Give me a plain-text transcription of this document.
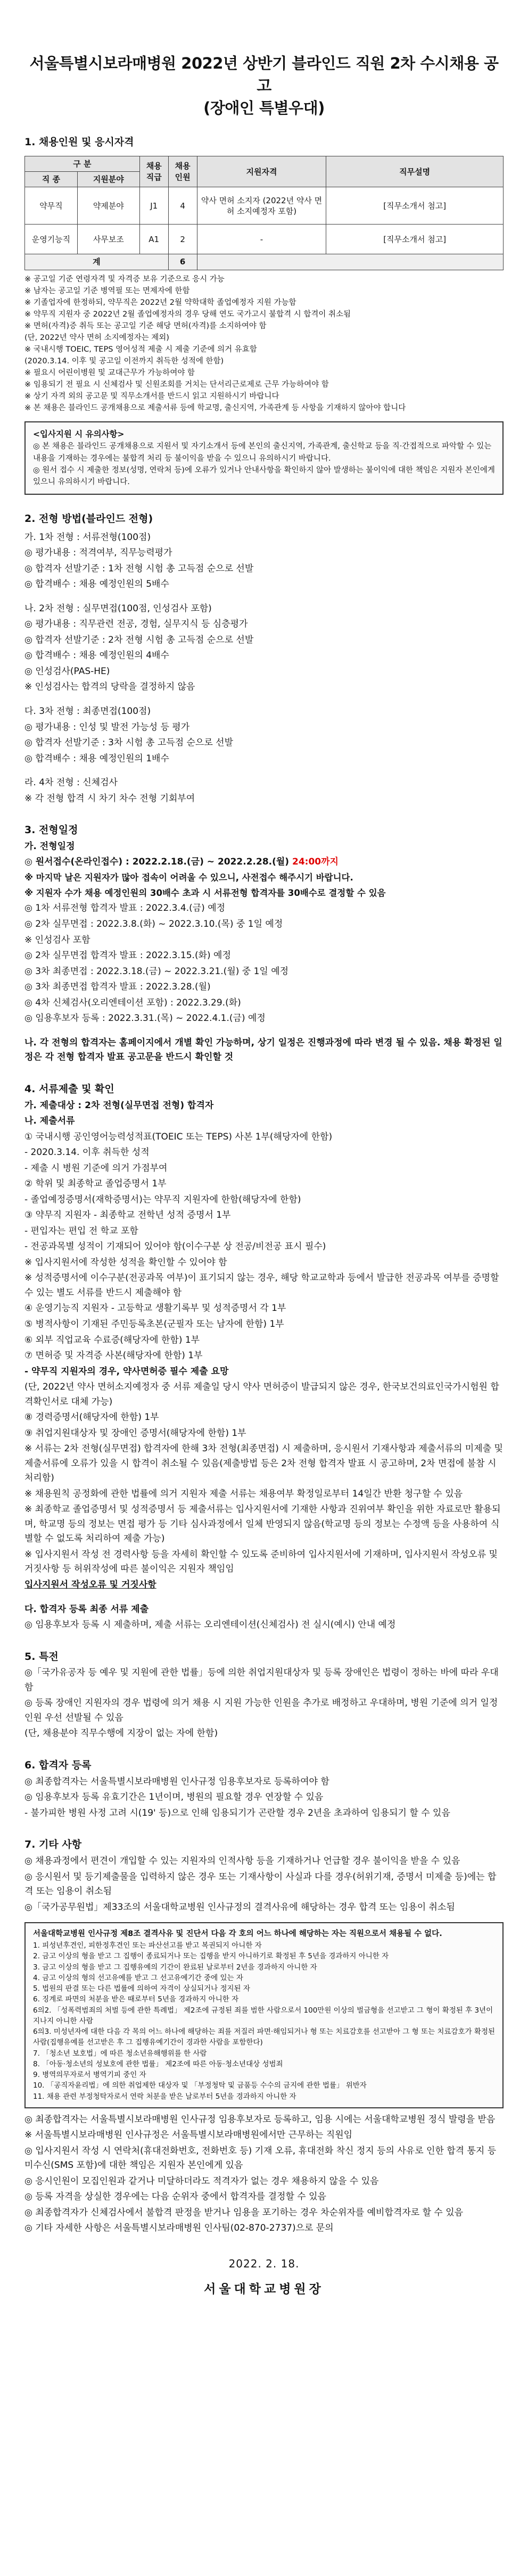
서울특별시보라매병원 2022년 상반기 블라인드 직원 2차 수시채용 공고
(장애인 특별우대)
1. 채용인원 및 응시자격
구 분		채용 직급	채용 인원	지원자격	직무설명
직 종	지원분야				
약무직	약제분야	J1	4	약사 면허 소지자 (2022년 약사 면허 소지예정자 포함)	[직무소개서 첨고]
운영기능직	사무보조	A1	2	-	[직무소개서 첨고]
계			6		
※ 공고일 기준 연령자격 및 자격증 보유 기준으로 응시 가능
※ 남자는 공고일 기준 병역필 또는 면제자에 한함
※ 기졸업자에 한정하되, 약무직은 2022년 2월 약학대학 졸업예정자 지원 가능함
※ 약무직 지원자 중 2022년 2월 졸업예정자의 경우 당해 연도 국가고시 불합격 시 합격이 취소됨
※ 면허(자격)증 취득 또는 공고일 기준 해당 면허(자격)를 소지하여야 함
(단, 2022년 약사 면허 소지예정자는 제외)
※ 국내시행 TOEIC, TEPS 영어성적 제출 시 제출 기준에 의거 유효함
(2020.3.14. 이후 및 공고일 이전까지 취득한 성적에 한함)
※ 필요시 어린이병원 및 교대근무가 가능하여야 함
※ 임용되기 전 필요 시 신체검사 및 신원조회를 거치는 단서리근로제로 근무 가능하여야 함
※ 상기 자격 외의 공고문 및 직무소개서를 반드시 읽고 지원하시기 바랍니다
※ 본 채용은 블라인드 공개채용으로 제출서류 등에 학교명, 출신지역, 가족관계 등 사항을 기재하지 않아야 합니다
<입사지원 시 유의사항>
◎ 본 채용은 블라인드 공개채용으로 지원서 및 자기소개서 등에 본인의 출신지역, 가족관계, 출신학교 등을 직·간접적으로 파악할 수 있는 내용을 기재하는 경우에는 불합격 처리 등 불이익을 받을 수 있으니 유의하시기 바랍니다.
◎ 원서 접수 시 제출한 정보(성명, 연락처 등)에 오류가 있거나 안내사항을 확인하지 않아 발생하는 불이익에 대한 책임은 지원자 본인에게 있으니 유의하시기 바랍니다.
2. 전형 방법(블라인드 전형)
가. 1차 전형 : 서류전형(100점)
◎ 평가내용 : 적격여부, 직무능력평가
◎ 합격자 선발기준 : 1차 전형 시험 총 고득점 순으로 선발
◎ 합격배수 : 채용 예정인원의 5배수
나. 2차 전형 : 실무면접(100점, 인성검사 포함)
◎ 평가내용 : 직무관련 전공, 경험, 실무지식 등 심층평가
◎ 합격자 선발기준 : 2차 전형 시험 총 고득점 순으로 선발
◎ 합격배수 : 채용 예정인원의 4배수
◎ 인성검사(PAS-HE)
※ 인성검사는 합격의 당락을 결정하지 않음
다. 3차 전형 : 최종면접(100점)
◎ 평가내용 : 인성 및 발전 가능성 등 평가
◎ 합격자 선발기준 : 3차 시험 총 고득점 순으로 선발
◎ 합격배수 : 채용 예정인원의 1배수
라. 4차 전형 : 신체검사
※ 각 전형 합격 시 차기 차수 전형 기회부여
3. 전형일정
가. 전형일정
◎ 원서접수(온라인접수) : 2022.2.18.(금) ~ 2022.2.28.(월) 24:00까지
※ 마지막 날은 지원자가 많아 접속이 어려울 수 있으니, 사전접수 해주시기 바랍니다.
※ 지원자 수가 채용 예정인원의 30배수 초과 시 서류전형 합격자를 30배수로 결정할 수 있음
◎ 1차 서류전형 합격자 발표 : 2022.3.4.(금) 예정
◎ 2차 실무면접 : 2022.3.8.(화) ~ 2022.3.10.(목) 중 1일 예정
※ 인성검사 포함
◎ 2차 실무면접 합격자 발표 : 2022.3.15.(화) 예정
◎ 3차 최종면접 : 2022.3.18.(금) ~ 2022.3.21.(월) 중 1일 예정
◎ 3차 최종면접 합격자 발표 : 2022.3.28.(월)
◎ 4차 신체검사(오리엔테이션 포함) : 2022.3.29.(화)
◎ 임용후보자 등록 : 2022.3.31.(목) ~ 2022.4.1.(금) 예정
나. 각 전형의 합격자는 홈페이지에서 개별 확인 가능하며, 상기 일정은 진행과정에 따라 변경 될 수 있음. 채용 확정된 일정은 각 전형 합격자 발표 공고문을 반드시 확인할 것
4. 서류제출 및 확인
가. 제출대상 : 2차 전형(실무면접 전형) 합격자
나. 제출서류
① 국내시행 공인영어능력성적표(TOEIC 또는 TEPS) 사본 1부(해당자에 한함)
- 2020.3.14. 이후 취득한 성적
- 제출 시 병원 기준에 의거 가점부여
② 학위 및 최종학교 졸업증명서 1부
- 졸업예정증명서(재학증명서)는 약무직 지원자에 한함(해당자에 한함)
③ 약무직 지원자 - 최종학교 전학년 성적 증명서 1부
- 편입자는 편입 전 학교 포함
- 전공과목별 성적이 기재되어 있어야 함(이수구분 상 전공/비전공 표시 필수)
※ 입사지원서에 작성한 성적을 확인할 수 있어야 함
※ 성적증명서에 이수구분(전공과목 여부)이 표기되지 않는 경우, 해당 학교교학과 등에서 발급한 전공과목 여부를 증명할 수 있는 별도 서류를 반드시 제출해야 함
④ 운영기능직 지원자 - 고등학교 생활기록부 및 성적증명서 각 1부
⑤ 병적사항이 기재된 주민등록초본(군필자 또는 남자에 한함) 1부
⑥ 외부 직업교육 수료증(해당자에 한함) 1부
⑦ 면허증 및 자격증 사본(해당자에 한함) 1부
- 약무직 지원자의 경우, 약사면허증 필수 제출 요망
(단, 2022년 약사 면허소지예정자 중 서류 제출일 당시 약사 면허증이 발급되지 않은 경우, 한국보건의료인국가시험원 합격확인서로 대체 가능)
⑧ 경력증명서(해당자에 한함) 1부
⑨ 취업지원대상자 및 장애인 증명서(해당자에 한함) 1부
※ 서류는 2차 전형(실무면접) 합격자에 한해 3차 전형(최종면접) 시 제출하며, 응시원서 기재사항과 제출서류의 미제출 및 제출서류에 오류가 있을 시 합격이 취소될 수 있음(제출방법 등은 2차 전형 합격자 발표 시 공고하며, 2차 면접에 불참 시 처리함)
※ 채용원칙 공정화에 관한 법률에 의거 지원자 제출 서류는 채용여부 확정일로부터 14일간 반환 청구할 수 있음
※ 최종학교 졸업증명서 및 성적증명서 등 제출서류는 입사지원서에 기재한 사항과 진위여부 확인을 위한 자료로만 활용되며, 학교명 등의 정보는 면접 평가 등 기타 심사과정에서 일체 반영되지 않음(학교명 등의 정보는 수정액 등을 사용하여 식별할 수 없도록 처리하여 제출 가능)
※ 입사지원서 작성 전 경력사항 등을 자세히 확인할 수 있도록 준비하여 입사지원서에 기재하며, 입사지원서 작성오류 및 거짓사항 등 허위작성에 따른 불이익은 지원자 책임임
입사지원서 작성오류 및 거짓사항
다. 합격자 등록 최종 서류 제출
◎ 임용후보자 등록 시 제출하며, 제출 서류는 오리엔테이션(신체검사) 전 실시(예시) 안내 예정
5. 특전
◎「국가유공자 등 예우 및 지원에 관한 법률」등에 의한 취업지원대상자 및 등록 장애인은 법령이 정하는 바에 따라 우대함
◎ 등록 장애인 지원자의 경우 법령에 의거 채용 시 지원 가능한 인원을 추가로 배정하고 우대하며, 병원 기준에 의거 일정 인원 우선 선발될 수 있음
(단, 채용분야 직무수행에 지장이 없는 자에 한함)
6. 합격자 등록
◎ 최종합격자는 서울특별시보라매병원 인사규정 임용후보자로 등록하여야 함
◎ 임용후보자 등록 유효기간은 1년이며, 병원의 필요할 경우 연장할 수 있음
- 불가피한 병원 사정 고려 시(19' 등)으로 인해 임용되기가 곤란할 경우 2년을 초과하여 임용되기 할 수 있음
7. 기타 사항
◎ 채용과정에서 편견이 개입할 수 있는 지원자의 인적사항 등을 기재하거나 언급할 경우 불이익을 받을 수 있음
◎ 응시원서 및 등기제출물을 입력하지 않은 경우 또는 기재사항이 사실과 다를 경우(허위기재, 증명서 미제출 등)에는 합격 또는 임용이 취소됨
◎「국가공무원법」제33조의 서울대학교병원 인사규정의 결격사유에 해당하는 경우 합격 또는 임용이 취소됨
서울대학교병원 인사규정 제8조 결격사유 및 진단서 다음 각 호의 어느 하나에 해당하는 자는 직원으로서 채용될 수 없다.
1. 피성년후견인, 피한정후견인 또는 파산선고를 받고 복권되지 아니한 자
2. 금고 이상의 형을 받고 그 집행이 종료되거나 또는 집행을 받지 아니하기로 확정된 후 5년을 경과하지 아니한 자
3. 금고 이상의 형을 받고 그 집행유예의 기간이 완료된 날로부터 2년을 경과하지 아니한 자
4. 금고 이상의 형의 선고유예를 받고 그 선고유예기간 중에 있는 자
5. 법원의 판결 또는 다른 법률에 의하여 자격이 상실되거나 정지된 자
6. 징계로 파면의 처분을 받은 때로부터 5년을 경과하지 아니한 자
6의2. 「성폭력범죄의 처벌 등에 관한 특례법」 제2조에 규정된 죄를 범한 사람으로서 100만원 이상의 벌금형을 선고받고 그 형이 확정된 후 3년이 지나지 아니한 사람
6의3. 미성년자에 대한 다음 각 목의 어느 하나에 해당하는 죄를 저질러 파면·해임되거나 형 또는 치료감호를 선고받아 그 형 또는 치료감호가 확정된 사람(집행유예를 선고받은 후 그 집행유예기간이 경과한 사람을 포함한다)
7. 「청소년 보호법」에 따른 청소년유해행위를 한 사람
8. 「아동·청소년의 성보호에 관한 법률」 제2조에 따른 아동·청소년대상 성범죄
9. 병역의무자로서 병역기피 중인 자
10. 「공직자윤리법」에 의한 취업제한 대상자 및 「부정청탁 및 금품등 수수의 금지에 관한 법률」 위반자
11. 채용 관련 부정청탁자로서 연락 처분을 받은 날로부터 5년을 경과하지 아니한 자
◎ 최종합격자는 서울특별시보라매병원 인사규정 임용후보자로 등록하고, 임용 시에는 서울대학교병원 정식 발령을 받음
※ 서울특별시보라매병원 인사규정은 서울특별시보라매병원에서만 근무하는 직원임
◎ 입사지원서 작성 시 연락처(휴대전화번호, 전화번호 등) 기재 오류, 휴대전화 착신 정지 등의 사유로 인한 합격 통지 등 미수신(SMS 포함)에 대한 책임은 지원자 본인에게 있음
◎ 응시인원이 모집인원과 같거나 미달하더라도 적격자가 없는 경우 채용하지 않을 수 있음
◎ 등록 자격을 상실한 경우에는 다음 순위자 중에서 합격자를 결정할 수 있음
◎ 최종합격자가 신체검사에서 불합격 판정을 받거나 임용을 포기하는 경우 차순위자를 예비합격자로 할 수 있음
◎ 기타 자세한 사항은 서울특별시보라매병원 인사팀(02-870-2737)으로 문의
2022. 2. 18.
서울대학교병원장
